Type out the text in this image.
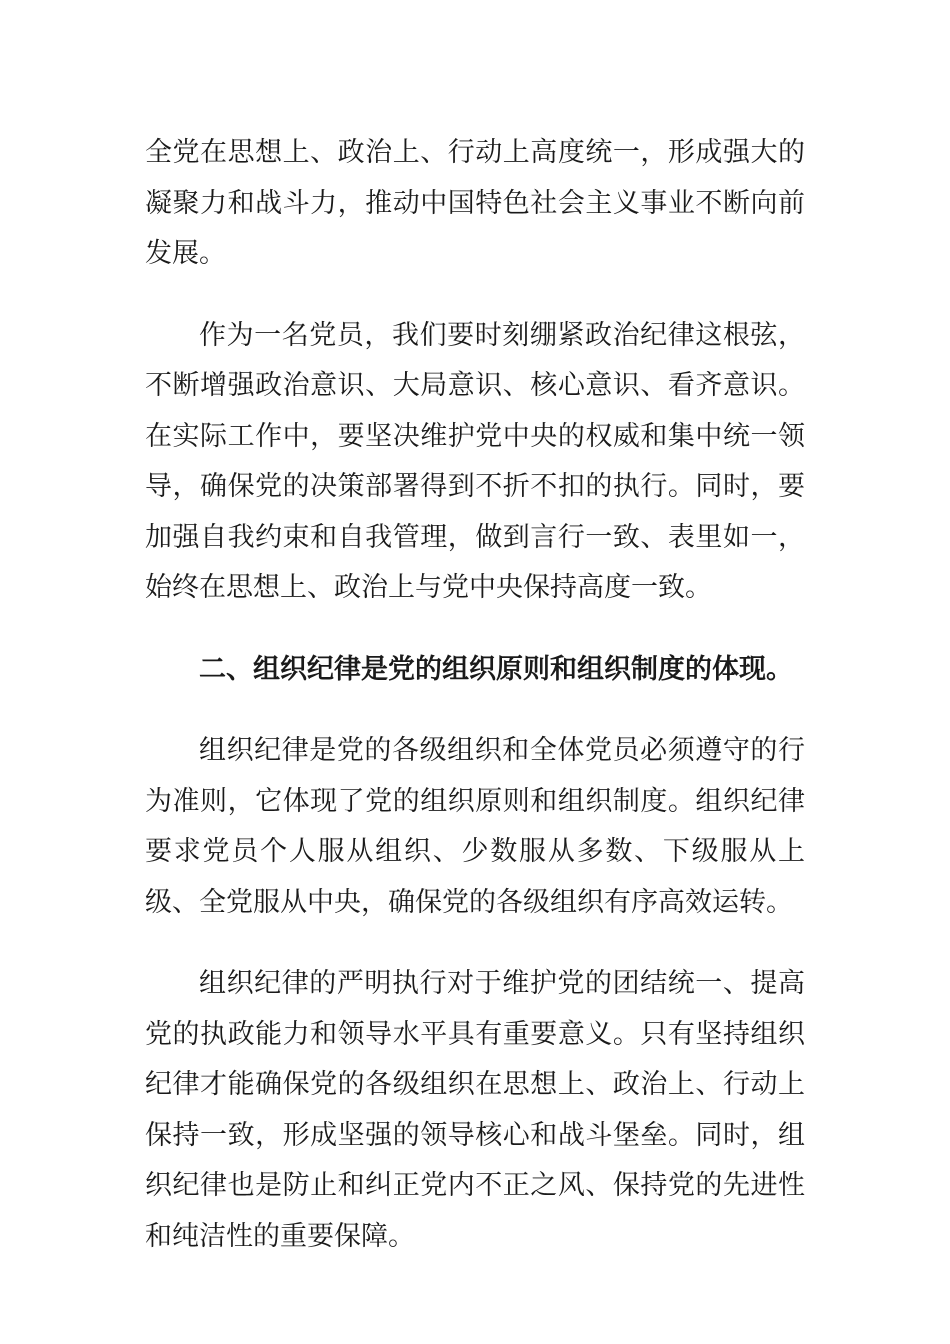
全党在思想上、政治上、行动上高度统一，形成强大的凝聚力和战斗力，推动中国特色社会主义事业不断向前发展。

作为一名党员，我们要时刻绷紧政治纪律这根弦，不断增强政治意识、大局意识、核心意识、看齐意识。在实际工作中，要坚决维护党中央的权威和集中统一领导，确保党的决策部署得到不折不扣的执行。同时，要加强自我约束和自我管理，做到言行一致、表里如一，始终在思想上、政治上与党中央保持高度一致。

二、组织纪律是党的组织原则和组织制度的体现。

组织纪律是党的各级组织和全体党员必须遵守的行为准则，它体现了党的组织原则和组织制度。组织纪律要求党员个人服从组织、少数服从多数、下级服从上级、全党服从中央，确保党的各级组织有序高效运转。

组织纪律的严明执行对于维护党的团结统一、提高党的执政能力和领导水平具有重要意义。只有坚持组织纪律才能确保党的各级组织在思想上、政治上、行动上保持一致，形成坚强的领导核心和战斗堡垒。同时，组织纪律也是防止和纠正党内不正之风、保持党的先进性和纯洁性的重要保障。
